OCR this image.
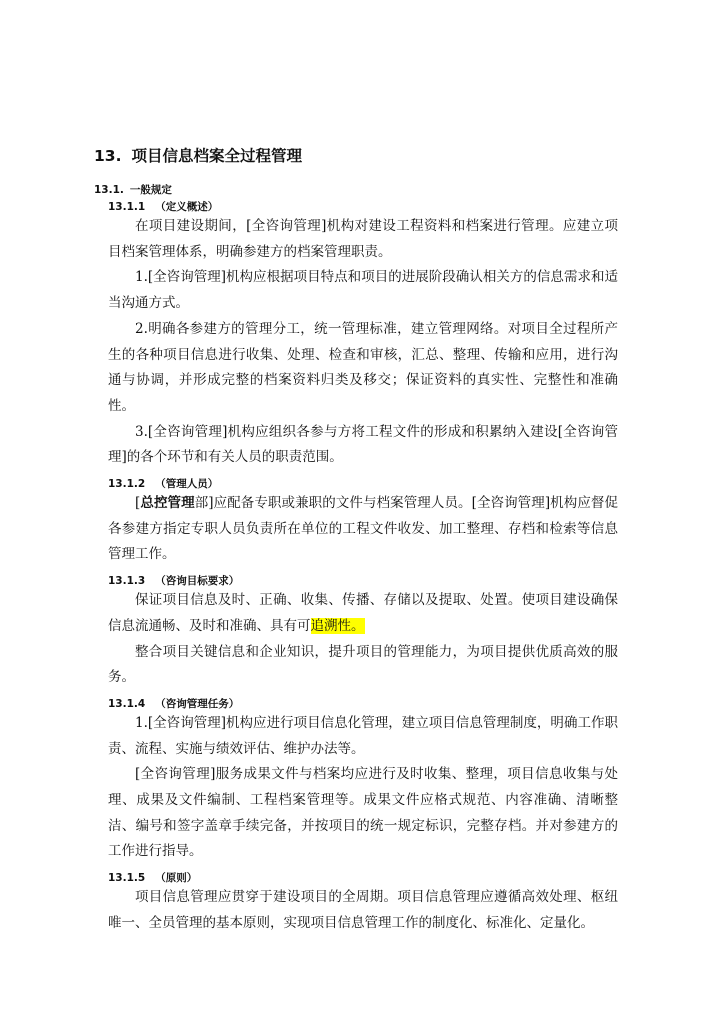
13. 项目信息档案全过程管理
13.1. 一般规定
13.1.1 （定义概述）

在项目建设期间，[全咨询管理]机构对建设工程资料和档案进行管理。应建立项目档案管理体系，明确参建方的档案管理职责。

1.[全咨询管理]机构应根据项目特点和项目的进展阶段确认相关方的信息需求和适当沟通方式。

2.明确各参建方的管理分工，统一管理标准，建立管理网络。对项目全过程所产生的各种项目信息进行收集、处理、检查和审核，汇总、整理、传输和应用，进行沟通与协调，并形成完整的档案资料归类及移交；保证资料的真实性、完整性和准确性。

3.[全咨询管理]机构应组织各参与方将工程文件的形成和积累纳入建设[全咨询管理]的各个环节和有关人员的职责范围。

13.1.2 （管理人员）

[总控管理部]应配备专职或兼职的文件与档案管理人员。[全咨询管理]机构应督促各参建方指定专职人员负责所在单位的工程文件收发、加工整理、存档和检索等信息管理工作。

13.1.3 （咨询目标要求）

保证项目信息及时、正确、收集、传播、存储以及提取、处置。使项目建设确保信息流通畅、及时和准确、具有可追溯性。

整合项目关键信息和企业知识，提升项目的管理能力，为项目提供优质高效的服务。

13.1.4 （咨询管理任务）

1.[全咨询管理]机构应进行项目信息化管理，建立项目信息管理制度，明确工作职责、流程、实施与绩效评估、维护办法等。

[全咨询管理]服务成果文件与档案均应进行及时收集、整理，项目信息收集与处理、成果及文件编制、工程档案管理等。成果文件应格式规范、内容准确、清晰整洁、编号和签字盖章手续完备，并按项目的统一规定标识，完整存档。并对参建方的工作进行指导。

13.1.5 （原则）

项目信息管理应贯穿于建设项目的全周期。项目信息管理应遵循高效处理、枢纽唯一、全员管理的基本原则，实现项目信息管理工作的制度化、标准化、定量化。
